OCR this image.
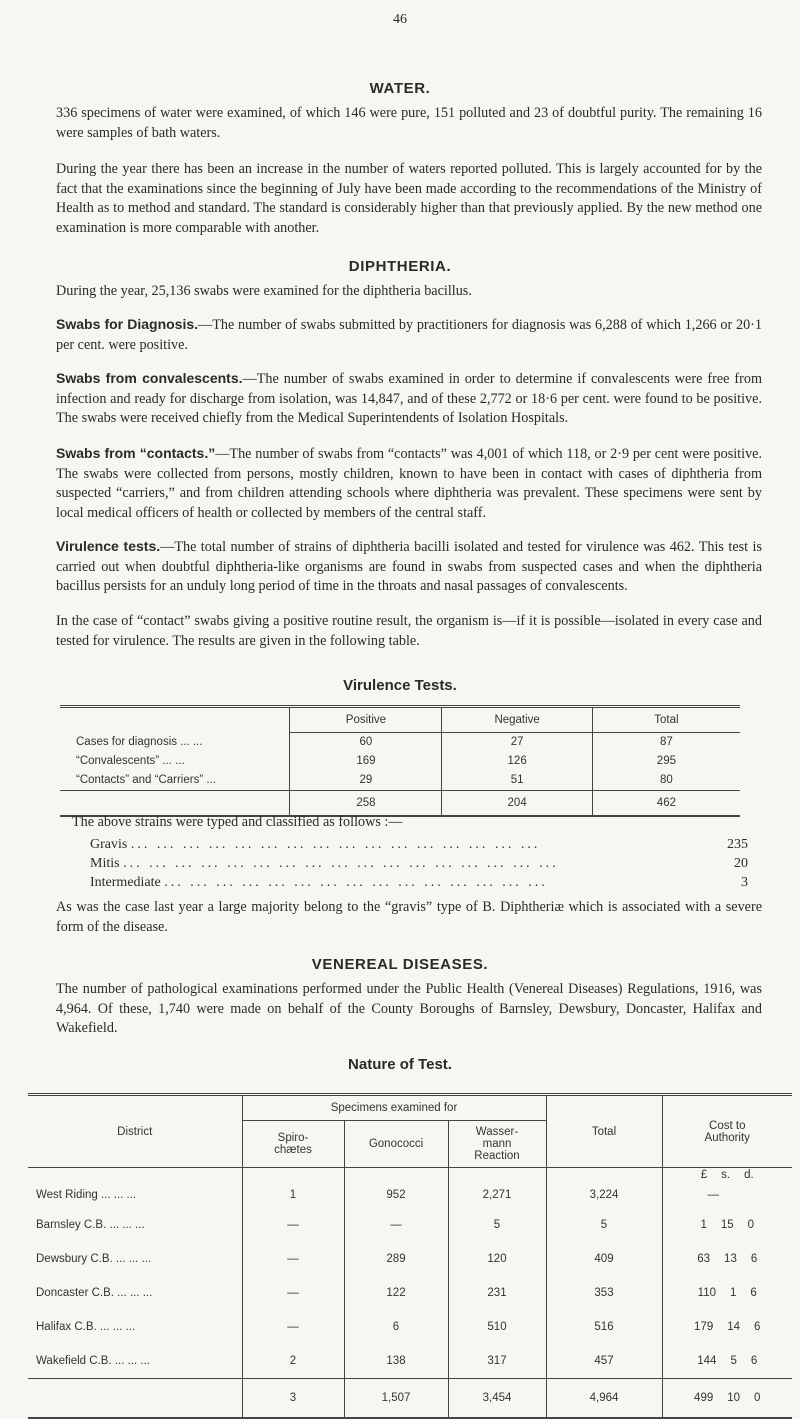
46
WATER.

336 specimens of water were examined, of which 146 were pure, 151 polluted and 23 of doubtful purity. The remaining 16 were samples of bath waters.

During the year there has been an increase in the number of waters reported polluted. This is largely accounted for by the fact that the examinations since the beginning of July have been made according to the recommendations of the Ministry of Health as to method and standard. The standard is considerably higher than that previously applied. By the new method one examination is more comparable with another.

DIPHTHERIA.

During the year, 25,136 swabs were examined for the diphtheria bacillus.

Swabs for Diagnosis.—The number of swabs submitted by practitioners for diagnosis was 6,288 of which 1,266 or 20·1 per cent. were positive.

Swabs from convalescents.—The number of swabs examined in order to determine if convalescents were free from infection and ready for discharge from isolation, was 14,847, and of these 2,772 or 18·6 per cent. were found to be positive. The swabs were received chiefly from the Medical Superintendents of Isolation Hospitals.

Swabs from “contacts.”—The number of swabs from “contacts” was 4,001 of which 118, or 2·9 per cent were positive. The swabs were collected from persons, mostly children, known to have been in contact with cases of diphtheria from suspected “carriers,” and from children attending schools where diphtheria was prevalent. These specimens were sent by local medical officers of health or collected by members of the central staff.

Virulence tests.—The total number of strains of diphtheria bacilli isolated and tested for virulence was 462. This test is carried out when doubtful diphtheria-like organisms are found in swabs from suspected cases and when the diphtheria bacillus persists for an unduly long period of time in the throats and nasal passages of convalescents.

In the case of “contact” swabs giving a positive routine result, the organism is—if it is possible—isolated in every case and tested for virulence. The results are given in the following table.

Virulence Tests.
	Positive	Negative	Total
Cases for diagnosis ... ...	60	27	87
“Convalescents” ... ...	169	126	295
“Contacts” and “Carriers” ...	29	51	80
	258	204	462

The above strains were typed and classified as follows :—

Gravis ... ... ... ... ... ... ... ... ... ... ... ... ... ... ... ...	235
Mitis ... ... ... ... ... ... ... ... ... ... ... ... ... ... ... ... ...	20
Intermediate ... ... ... ... ... ... ... ... ... ... ... ... ... ... ...	3

As was the case last year a large majority belong to the “gravis” type of B. Diphtheriæ which is associated with a severe form of the disease.

VENEREAL DISEASES.

The number of pathological examinations performed under the Public Health (Venereal Diseases) Regulations, 1916, was 4,964. Of these, 1,740 were made on behalf of the County Boroughs of Barnsley, Dewsbury, Doncaster, Halifax and Wakefield.

Nature of Test.
District	Specimens examined for			Total	Cost to
Authority
	Spiro-
chætes	Gonococci	Wasser-
mann
Reaction		

					£ s. d.

West Riding ... ... ...	1	952	2,271	3,224	—

Barnsley C.B. ... ... ...	—	—	5	5	1 15 0

Dewsbury C.B. ... ... ...	—	289	120	409	63 13 6

Doncaster C.B. ... ... ...	—	122	231	353	110 1 6

Halifax C.B. ... ... ...	—	6	510	516	179 14 6

Wakefield C.B. ... ... ...	2	138	317	457	144 5 6

	3	1,507	3,454	4,964	499 10 0
